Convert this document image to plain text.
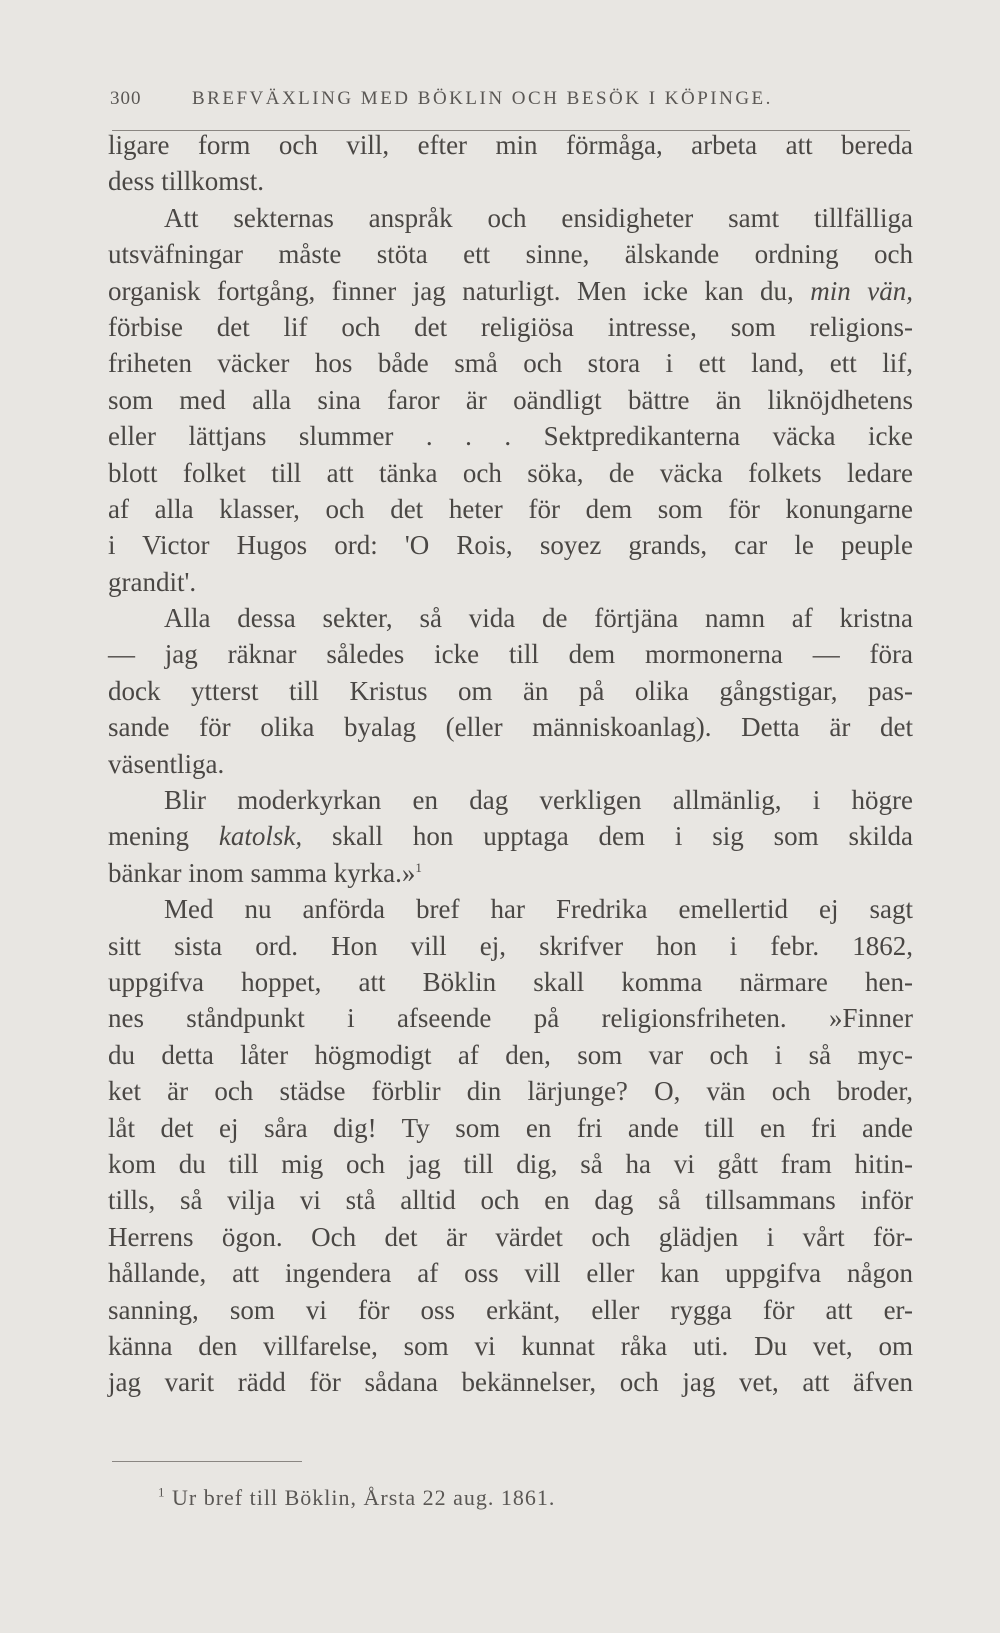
300	BREFVÄXLING MED BÖKLIN OCH BESÖK I KÖPINGE.
ligare form och vill, efter min förmåga, arbeta att bereda
dess tillkomst.
Att sekternas anspråk och ensidigheter samt tillfälliga
utsväfningar måste stöta ett sinne, älskande ordning och
organisk fortgång, finner jag naturligt. Men icke kan du, min vän,
förbise det lif och det religiösa intresse, som religions-
friheten väcker hos både små och stora i ett land, ett lif,
som med alla sina faror är oändligt bättre än liknöjdhetens
eller lättjans slummer . . . Sektpredikanterna väcka icke
blott folket till att tänka och söka, de väcka folkets ledare
af alla klasser, och det heter för dem som för konungarne
i Victor Hugos ord: 'O Rois, soyez grands, car le peuple
grandit'.
Alla dessa sekter, så vida de förtjäna namn af kristna
— jag räknar således icke till dem mormonerna — föra
dock ytterst till Kristus om än på olika gångstigar, pas-
sande för olika byalag (eller människoanlag). Detta är det
väsentliga.
Blir moderkyrkan en dag verkligen allmänlig, i högre
mening katolsk, skall hon upptaga dem i sig som skilda
bänkar inom samma kyrka.»$^1$
Med nu anförda bref har Fredrika emellertid ej sagt
sitt sista ord. Hon vill ej, skrifver hon i febr. 1862,
uppgifva hoppet, att Böklin skall komma närmare hen-
nes ståndpunkt i afseende på religionsfriheten. »Finner
du detta låter högmodigt af den, som var och i så myc-
ket är och städse förblir din lärjunge? O, vän och broder,
låt det ej såra dig! Ty som en fri ande till en fri ande
kom du till mig och jag till dig, så ha vi gått fram hitin-
tills, så vilja vi stå alltid och en dag så tillsammans inför
Herrens ögon. Och det är värdet och glädjen i vårt för-
hållande, att ingendera af oss vill eller kan uppgifva någon
sanning, som vi för oss erkänt, eller rygga för att er-
känna den villfarelse, som vi kunnat råka uti. Du vet, om
jag varit rädd för sådana bekännelser, och jag vet, att äfven
$^1$ Ur bref till Böklin, Årsta 22 aug. 1861.
